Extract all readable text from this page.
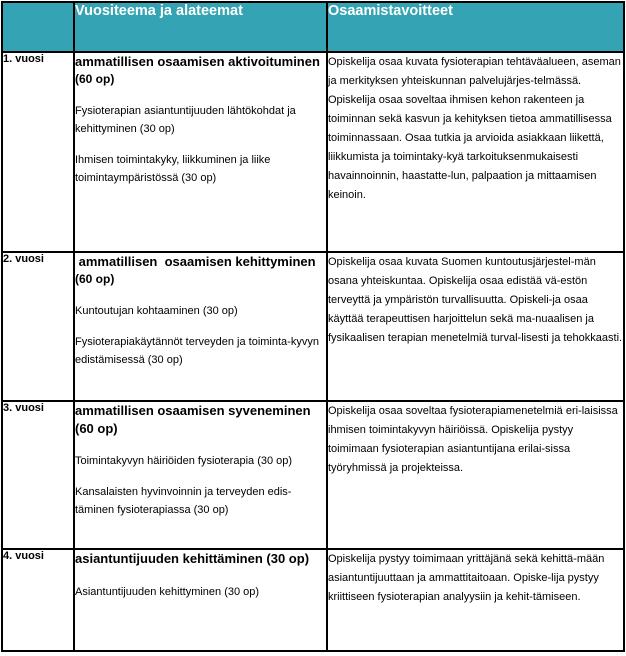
	Vuositeema ja alateemat	Osaamistavoitteet
1. vuosi	ammatillisen osaamisen aktivoituminen
(60 op)
Fysioterapian asiantuntijuuden lähtökohdat ja kehittyminen (30 op)
Ihmisen toimintakyky, liikkuminen ja liike toimintaympäristössä (30 op)
	Opiskelija osaa kuvata fysioterapian tehtäväalueen, aseman ja merkityksen yhteiskunnan palvelujärjes-telmässä. Opiskelija osaa soveltaa ihmisen kehon rakenteen ja toiminnan sekä kasvun ja kehityksen tietoa ammatillisessa toiminnassaan. Osaa tutkia ja arvioida asiakkaan liikettä, liikkumista ja toimintaky-kyä tarkoituksenmukaisesti havainnoinnin, haastatte-lun, palpaation ja mittaamisen keinoin.
2. vuosi	ammatillisen  osaamisen kehittyminen
(60 op)
Kuntoutujan kohtaaminen (30 op)
Fysioterapiakäytännöt terveyden ja toiminta-kyvyn edistämisessä (30 op)
	Opiskelija osaa kuvata Suomen kuntoutusjärjestel-män osana yhteiskuntaa. Opiskelija osaa edistää vä-estön terveyttä ja ympäristön turvallisuutta. Opiskeli-ja osaa käyttää terapeuttisen harjoittelun sekä ma-nuaalisen ja fysikaalisen terapian menetelmiä turval-lisesti ja tehokkaasti.
3. vuosi	ammatillisen osaamisen syveneminen
(60 op)
Toimintakyvyn häiriöiden fysioterapia (30 op)
Kansalaisten hyvinvoinnin ja terveyden edis-täminen fysioterapiassa (30 op)	Opiskelija osaa soveltaa fysioterapiamenetelmiä eri-laisissa ihmisen toimintakyvyn häiriöissä. Opiskelija pystyy toimimaan fysioterapian asiantuntijana erilai-sissa työryhmissä ja projekteissa.
4. vuosi	asiantuntijuuden kehittäminen (30 op)
Asiantuntijuuden kehittyminen (30 op)	Opiskelija pystyy toimimaan yrittäjänä sekä kehittä-mään asiantuntijuuttaan ja ammattitaitoaan. Opiske-lija pystyy kriittiseen fysioterapian analyysiin ja kehit-tämiseen.
